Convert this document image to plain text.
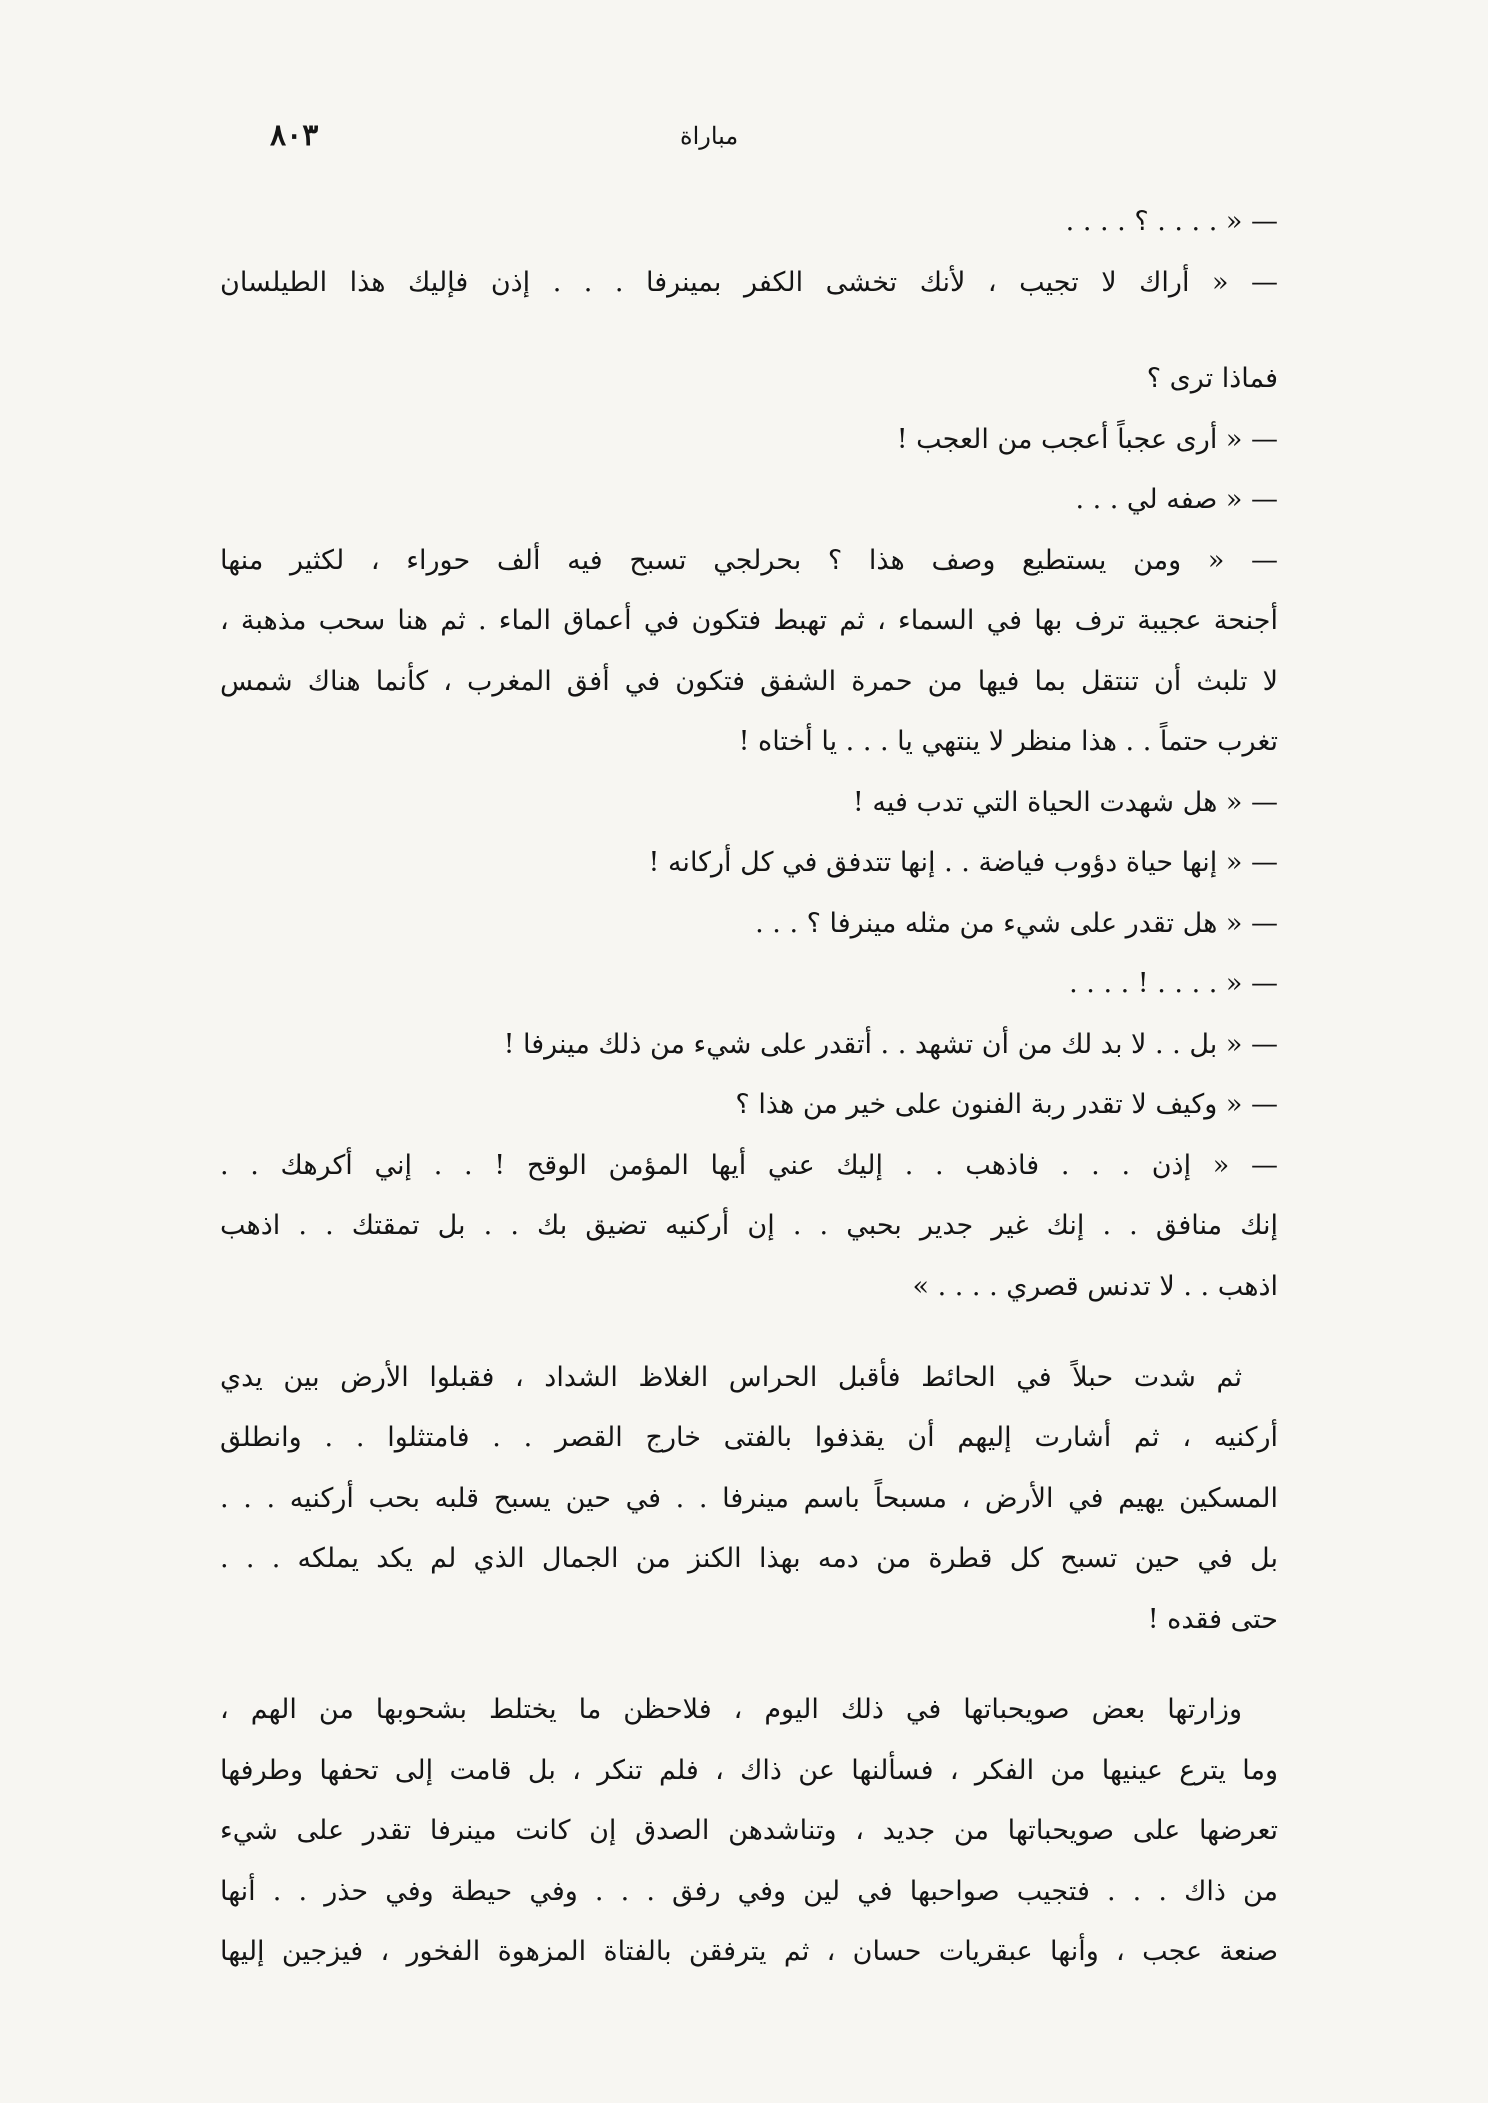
٨٠٣	مباراة
— « . . . . ؟ . . . .
— « أراك لا تجيب ، لأنك تخشى الكفر بمينرفا . . . إذن فإليك هذا الطيلسان
فماذا ترى ؟
— « أرى عجباً أعجب من العجب !
— « صفه لي . . .
— « ومن يستطيع وصف هذا ؟ بحرلجي تسبح فيه ألف حوراء ، لكثير منها
أجنحة عجيبة ترف بها في السماء ، ثم تهبط فتكون في أعماق الماء . ثم هنا سحب مذهبة ،
لا تلبث أن تنتقل بما فيها من حمرة الشفق فتكون في أفق المغرب ، كأنما هناك شمس
تغرب حتماً . . هذا منظر لا ينتهي يا . . . يا أختاه !
— « هل شهدت الحياة التي تدب فيه !
— « إنها حياة دؤوب فياضة . . إنها تتدفق في كل أركانه !
— « هل تقدر على شيء من مثله مينرفا ؟ . . .
— « . . . . ! . . . .
— « بل . . لا بد لك من أن تشهد . . أتقدر على شيء من ذلك مينرفا !
— « وكيف لا تقدر ربة الفنون على خير من هذا ؟
— « إذن . . . فاذهب . . إليك عني أيها المؤمن الوقح ! . . إني أكرهك . .
إنك منافق . . إنك غير جدير بحبي . . إن أركنيه تضيق بك . . بل تمقتك . . اذهب
اذهب . . لا تدنس قصري . . . . »
ثم شدت حبلاً في الحائط فأقبل الحراس الغلاظ الشداد ، فقبلوا الأرض بين يدي
أركنيه ، ثم أشارت إليهم أن يقذفوا بالفتى خارج القصر . . فامتثلوا . . وانطلق
المسكين يهيم في الأرض ، مسبحاً باسم مينرفا . . في حين يسبح قلبه بحب أركنيه . . .
بل في حين تسبح كل قطرة من دمه بهذا الكنز من الجمال الذي لم يكد يملكه . . .
حتى فقده !
وزارتها بعض صويحباتها في ذلك اليوم ، فلاحظن ما يختلط بشحوبها من الهم ،
وما يترع عينيها من الفكر ، فسألنها عن ذاك ، فلم تنكر ، بل قامت إلى تحفها وطرفها
تعرضها على صويحباتها من جديد ، وتناشدهن الصدق إن كانت مينرفا تقدر على شيء
من ذاك . . . فتجيب صواحبها في لين وفي رفق . . . وفي حيطة وفي حذر . . أنها
صنعة عجب ، وأنها عبقريات حسان ، ثم يترفقن بالفتاة المزهوة الفخور ، فيزجين إليها
